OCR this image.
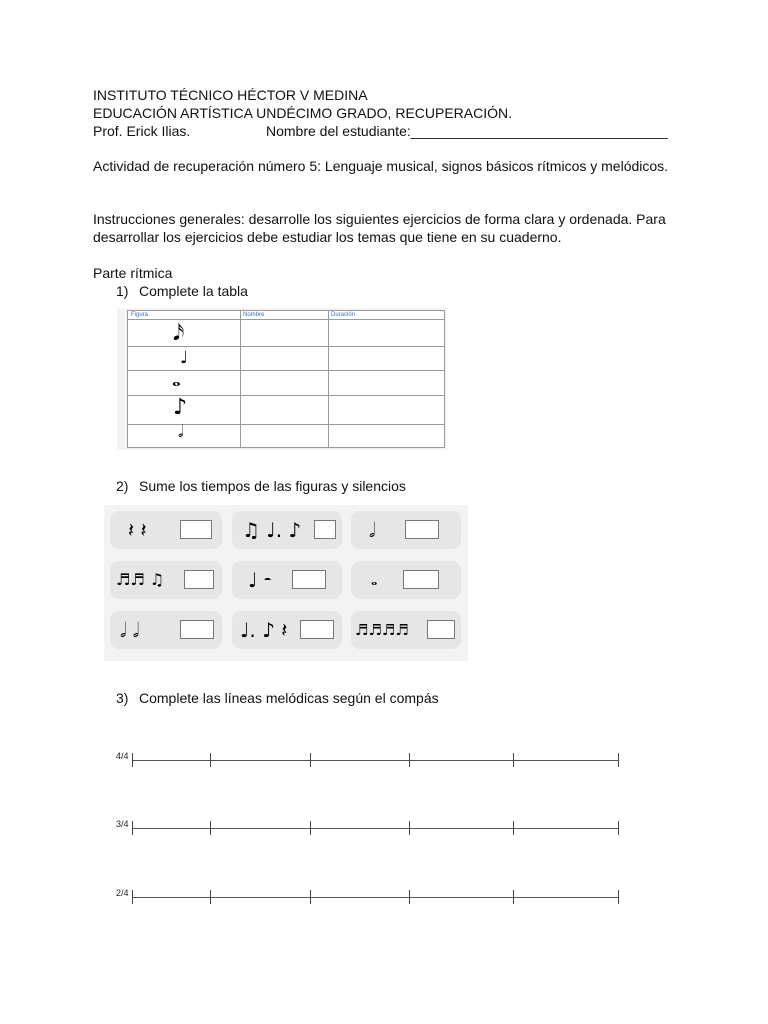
INSTITUTO TÉCNICO HÉCTOR V MEDINA
EDUCACIÓN ARTÍSTICA UNDÉCIMO GRADO, RECUPERACIÓN.
Prof. Erick Ilias.	Nombre del estudiante:_________________________________
Actividad de recuperación número 5: Lenguaje musical, signos básicos rítmicos y melódicos.
Instrucciones generales: desarrolle los siguientes ejercicios de forma clara y ordenada. Para desarrollar los ejercicios debe estudiar los temas que tiene en su cuaderno.
Parte rítmica
1) Complete la tabla
Figura	Nombre	Duración
𝅘𝅥𝅯
♩
𝅝
♪
𝅗𝅥
2) Sume los tiempos de las figuras y silencios
𝄽 𝄽	♫ ♩. ♪	𝅗𝅥
♬♬ ♫	♩ 𝄼	𝅝
𝅗𝅥 𝅗𝅥	♩. ♪ 𝄽	♬♬♬♬
3) Complete las líneas melódicas según el compás
4/4
3/4
2/4
